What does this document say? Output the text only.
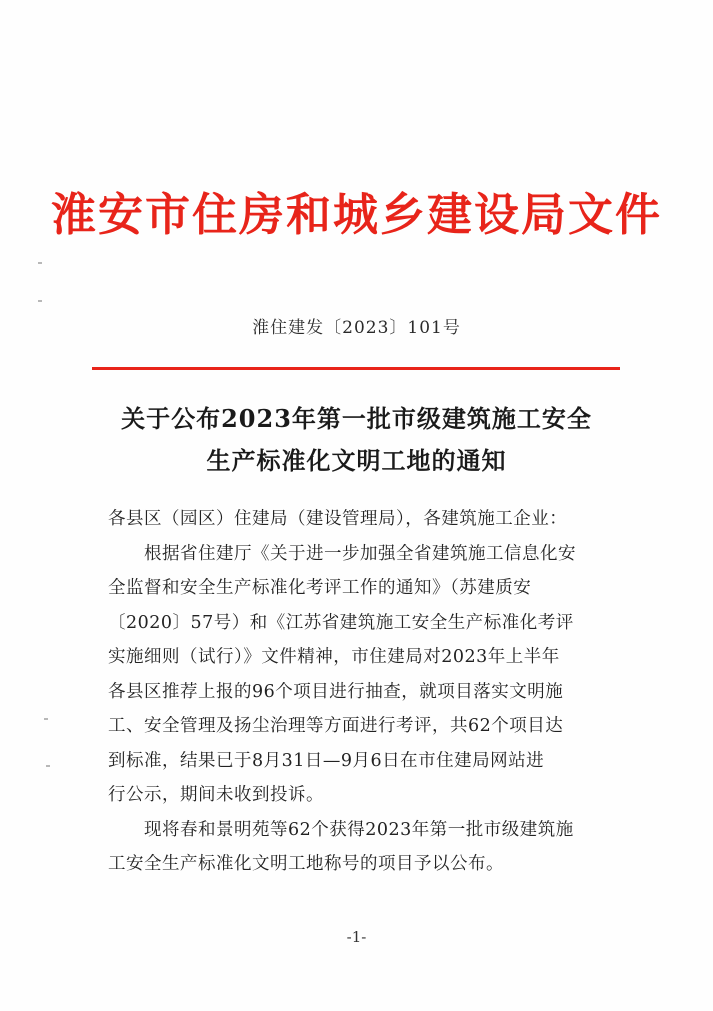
淮安市住房和城乡建设局文件
淮住建发〔2023〕101号
关于公布2023年第一批市级建筑施工安全
生产标准化文明工地的通知

各县区（园区）住建局（建设管理局），各建筑施工企业：

根据省住建厅《关于进一步加强全省建筑施工信息化安
全监督和安全生产标准化考评工作的通知》（苏建质安
〔2020〕57号）和《江苏省建筑施工安全生产标准化考评
实施细则（试行）》文件精神，市住建局对2023年上半年
各县区推荐上报的96个项目进行抽查，就项目落实文明施
工、安全管理及扬尘治理等方面进行考评，共62个项目达
到标准，结果已于8月31日—9月6日在市住建局网站进
行公示，期间未收到投诉。
现将春和景明苑等62个获得2023年第一批市级建筑施
工安全生产标准化文明工地称号的项目予以公布。
-1-
